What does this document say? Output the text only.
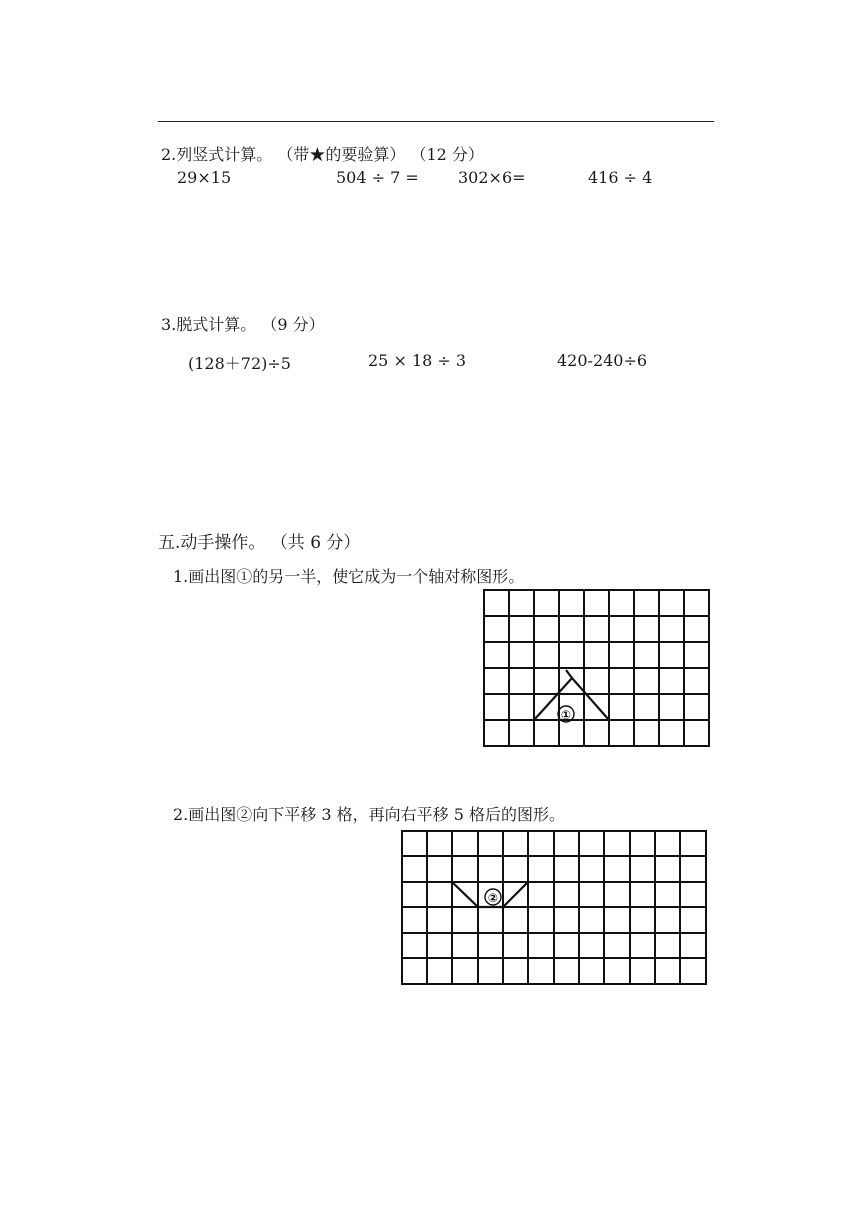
2.列竖式计算。 （带★的要验算） （12 分）
29×15	504 ÷ 7 = 302×6=	416 ÷ 4
3.脱式计算。 （9 分）
(128＋72)÷5	25 × 18 ÷ 3	420-240÷6
五.动手操作。 （共 6 分）
1.画出图①的另一半，使它成为一个轴对称图形。
①
2.画出图②向下平移 3 格，再向右平移 5 格后的图形。
②
